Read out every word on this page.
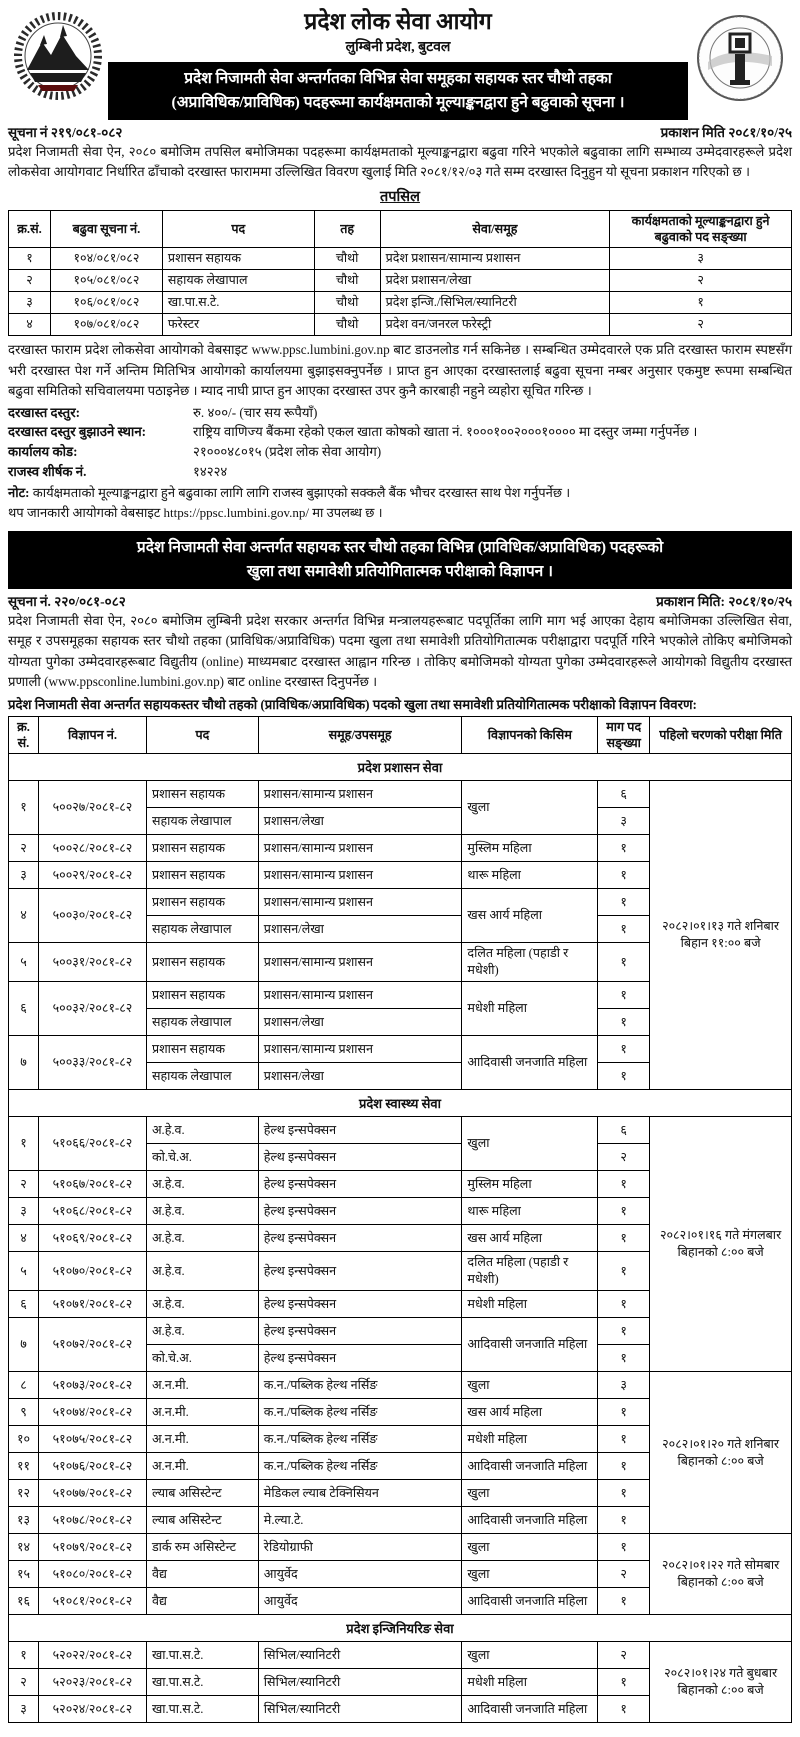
प्रदेश लोक सेवा आयोग
लुम्बिनी प्रदेश, बुटवल
प्रदेश निजामती सेवा अन्तर्गतका विभिन्न सेवा समूहका सहायक स्तर चौथो तहका
(अप्राविधिक/प्राविधिक) पदहरूमा कार्यक्षमताको मूल्याङ्कनद्वारा हुने बढुवाको सूचना ।
सूचना नं २१९/०८१-०८२	प्रकाशन मिति २०८१/१०/२५

प्रदेश निजामती सेवा ऐन, २०८० बमोजिम तपसिल बमोजिमका पदहरूमा कार्यक्षमताको मूल्याङ्कनद्वारा बढुवा गरिने भएकोले बढुवाका लागि सम्भाव्य उम्मेदवारहरूले प्रदेश लोकसेवा आयोगवाट निर्धारित ढाँचाको दरखास्त फाराममा उल्लिखित विवरण खुलाई मिति २०८१/१२/०३ गते सम्म दरखास्त दिनुहुन यो सूचना प्रकाशन गरिएको छ ।

तपसिल
क्र.सं.	बढुवा सूचना नं.	पद	तह	सेवा/समूह	कार्यक्षमताको मूल्याङ्कनद्वारा हुने बढुवाको पद सङ्ख्या
१	१०४/०८१/०८२	प्रशासन सहायक	चौथो	प्रदेश प्रशासन/सामान्य प्रशासन	३
२	१०५/०८१/०८२	सहायक लेखापाल	चौथो	प्रदेश प्रशासन/लेखा	२
३	१०६/०८१/०८२	खा.पा.स.टे.	चौथो	प्रदेश इन्जि./सिभिल/स्यानिटरी	१
४	१०७/०८१/०८२	फरेस्टर	चौथो	प्रदेश वन/जनरल फरेस्ट्री	२

दरखास्त फाराम प्रदेश लोकसेवा आयोगको वेबसाइट www.ppsc.lumbini.gov.np बाट डाउनलोड गर्न सकिनेछ । सम्बन्धित उम्मेदवारले एक प्रति दरखास्त फाराम स्पष्टसँग भरी दरखास्त पेश गर्ने अन्तिम मितिभित्र आयोगको कार्यालयमा बुझाइसक्नुपर्नेछ । प्राप्त हुन आएका दरखास्तलाई बढुवा सूचना नम्बर अनुसार एकमुष्ट रूपमा सम्बन्धित बढुवा समितिको सचिवालयमा पठाइनेछ । म्याद नाघी प्राप्त हुन आएका दरखास्त उपर कुनै कारबाही नहुने व्यहोरा सूचित गरिन्छ ।

दरखास्त दस्तुर:	रु. ४००/- (चार सय रूपैयाँ)
दरखास्त दस्तुर बुझाउने स्थान:	राष्ट्रिय वाणिज्य बैंकमा रहेको एकल खाता कोषको खाता नं. १०००१००२०००१०००० मा दस्तुर जम्मा गर्नुपर्नेछ ।
कार्यालय कोड:	२१०००४८०१५ (प्रदेश लोक सेवा आयोग)
राजस्व शीर्षक नं.	१४२२४
नोट: कार्यक्षमताको मूल्याङ्कनद्वारा हुने बढुवाका लागि लागि राजस्व बुझाएको सक्कलै बैंक भौचर दरखास्त साथ पेश गर्नुपर्नेछ ।
थप जानकारी आयोगको वेबसाइट https://ppsc.lumbini.gov.np/ मा उपलब्ध छ ।
प्रदेश निजामती सेवा अन्तर्गत सहायक स्तर चौथो तहका विभिन्न (प्राविधिक/अप्राविधिक) पदहरूको
खुला तथा समावेशी प्रतियोगितात्मक परीक्षाको विज्ञापन ।
सूचना नं. २२०/०८१-०८२	प्रकाशन मिति: २०८१/१०/२५

प्रदेश निजामती सेवा ऐन, २०८० बमोजिम लुम्बिनी प्रदेश सरकार अन्तर्गत विभिन्न मन्त्रालयहरूबाट पदपूर्तिका लागि माग भई आएका देहाय बमोजिमका उल्लिखित सेवा, समूह र उपसमूहका सहायक स्तर चौथो तहका (प्राविधिक/अप्राविधिक) पदमा खुला तथा समावेशी प्रतियोगितात्मक परीक्षाद्वारा पदपूर्ति गरिने भएकोले तोकिए बमोजिमको योग्यता पुगेका उम्मेदवारहरूबाट विद्युतीय (online) माध्यमबाट दरखास्त आह्वान गरिन्छ । तोकिए बमोजिमको योग्यता पुगेका उम्मेदवारहरूले आयोगको विद्युतीय दरखास्त प्रणाली (www.ppsconline.lumbini.gov.np) बाट online दरखास्त दिनुपर्नेछ ।

प्रदेश निजामती सेवा अन्तर्गत सहायकस्तर चौथो तहको (प्राविधिक/अप्राविधिक) पदको खुला तथा समावेशी प्रतियोगितात्मक परीक्षाको विज्ञापन विवरण:
क्र. सं.	विज्ञापन नं.	पद	समूह/उपसमूह	विज्ञापनको किसिम	माग पद सङ्ख्या	पहिलो चरणको परीक्षा मिति
प्रदेश प्रशासन सेवा						
१	५००२७/२०८१-८२	प्रशासन सहायक	प्रशासन/सामान्य प्रशासन	खुला	६	२०८२।०१।१३ गते शनिबार बिहान ११:०० बजे
		सहायक लेखापाल	प्रशासन/लेखा		३	
२	५००२८/२०८१-८२	प्रशासन सहायक	प्रशासन/सामान्य प्रशासन	मुस्लिम महिला	१	
३	५००२९/२०८१-८२	प्रशासन सहायक	प्रशासन/सामान्य प्रशासन	थारू महिला	१	
४	५००३०/२०८१-८२	प्रशासन सहायक	प्रशासन/सामान्य प्रशासन	खस आर्य महिला	१	
		सहायक लेखापाल	प्रशासन/लेखा		१	
५	५००३१/२०८१-८२	प्रशासन सहायक	प्रशासन/सामान्य प्रशासन	दलित महिला (पहाडी र मधेशी)	१	
६	५००३२/२०८१-८२	प्रशासन सहायक	प्रशासन/सामान्य प्रशासन	मधेशी महिला	१	
		सहायक लेखापाल	प्रशासन/लेखा		१	
७	५००३३/२०८१-८२	प्रशासन सहायक	प्रशासन/सामान्य प्रशासन	आदिवासी जनजाति महिला	१	
		सहायक लेखापाल	प्रशासन/लेखा		१	
प्रदेश स्वास्थ्य सेवा						
१	५१०६६/२०८१-८२	अ.हे.व.	हेल्थ इन्सपेक्सन	खुला	६	२०८२।०१।१६ गते मंगलबार बिहानको ८:०० बजे
		को.चे.अ.	हेल्थ इन्सपेक्सन		२	
२	५१०६७/२०८१-८२	अ.हे.व.	हेल्थ इन्सपेक्सन	मुस्लिम महिला	१	
३	५१०६८/२०८१-८२	अ.हे.व.	हेल्थ इन्सपेक्सन	थारू महिला	१	
४	५१०६९/२०८१-८२	अ.हे.व.	हेल्थ इन्सपेक्सन	खस आर्य महिला	१	
५	५१०७०/२०८१-८२	अ.हे.व.	हेल्थ इन्सपेक्सन	दलित महिला (पहाडी र मधेशी)	१	
६	५१०७१/२०८१-८२	अ.हे.व.	हेल्थ इन्सपेक्सन	मधेशी महिला	१	
७	५१०७२/२०८१-८२	अ.हे.व.	हेल्थ इन्सपेक्सन	आदिवासी जनजाति महिला	१	
		को.चे.अ.	हेल्थ इन्सपेक्सन		१	
८	५१०७३/२०८१-८२	अ.न.मी.	क.न./पब्लिक हेल्थ नर्सिङ	खुला	३	२०८२।०१।२० गते शनिबार बिहानको ८:०० बजे
९	५१०७४/२०८१-८२	अ.न.मी.	क.न./पब्लिक हेल्थ नर्सिङ	खस आर्य महिला	१	
१०	५१०७५/२०८१-८२	अ.न.मी.	क.न./पब्लिक हेल्थ नर्सिङ	मधेशी महिला	१	
११	५१०७६/२०८१-८२	अ.न.मी.	क.न./पब्लिक हेल्थ नर्सिङ	आदिवासी जनजाति महिला	१	
१२	५१०७७/२०८१-८२	ल्याब असिस्टेन्ट	मेडिकल ल्याब टेक्निसियन	खुला	१	
१३	५१०७८/२०८१-८२	ल्याब असिस्टेन्ट	मे.ल्या.टे.	आदिवासी जनजाति महिला	१	
१४	५१०७९/२०८१-८२	डार्क रुम असिस्टेन्ट	रेडियोग्राफी	खुला	१	२०८२।०१।२२ गते सोमबार बिहानको ८:०० बजे
१५	५१०८०/२०८१-८२	वैद्य	आयुर्वेद	खुला	२	
१६	५१०८१/२०८१-८२	वैद्य	आयुर्वेद	आदिवासी जनजाति महिला	१	
प्रदेश इन्जिनियरिङ सेवा						
१	५२०२२/२०८१-८२	खा.पा.स.टे.	सिभिल/स्यानिटरी	खुला	२	२०८२।०१।२४ गते बुधबार बिहानको ८:०० बजे
२	५२०२३/२०८१-८२	खा.पा.स.टे.	सिभिल/स्यानिटरी	मधेशी महिला	१	
३	५२०२४/२०८१-८२	खा.पा.स.टे.	सिभिल/स्यानिटरी	आदिवासी जनजाति महिला	१	
